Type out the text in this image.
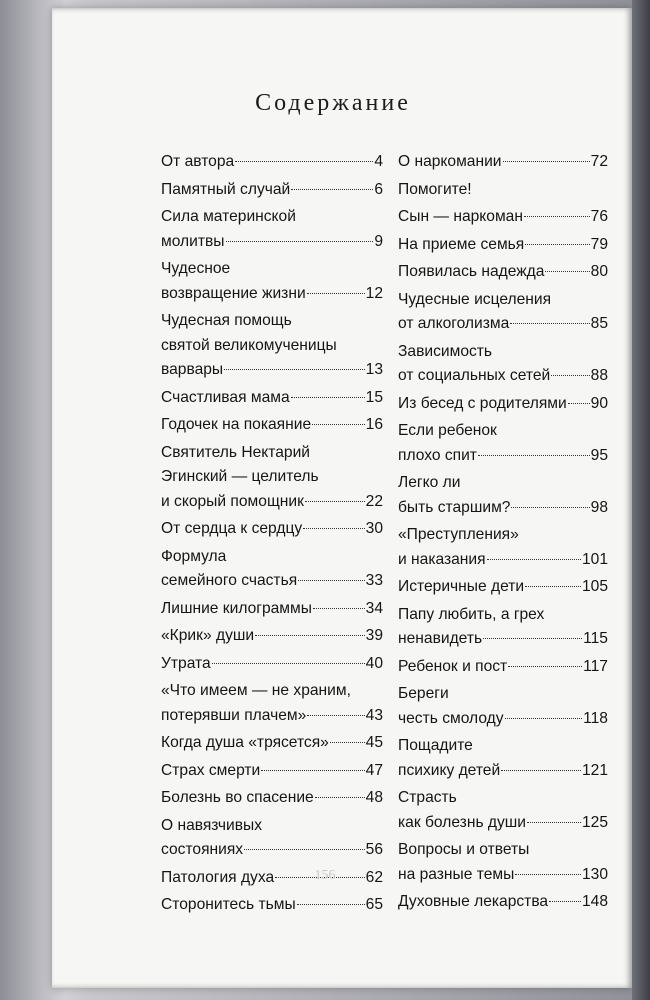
Содержание
От автора	4
Памятный случай	6
Сила материнской
молитвы	9
Чудесное
возвращение жизни	12
Чудесная помощь
святой великомученицы
варвары	13
Счастливая мама	15
Годочек на покаяние	16
Святитель Нектарий
Эгинский — целитель
и скорый помощник	22
От сердца к сердцу	30
Формула
семейного счастья	33
Лишние килограммы	34
«Крик» души	39
Утрата	40
«Что имеем — не храним,
потерявши плачем»	43
Когда душа «трясется» 45
Страх смерти	47
Болезнь во спасение	48
О навязчивых
состояниях	56
Патология духа	62
Сторонитесь тьмы	65
О наркомании	72
Помогите!
Сын — наркоман	76
На приеме семья	79
Появилась надежда	80
Чудесные исцеления
от алкоголизма	85
Зависимость
от социальных сетей	88
Из бесед с родителями 90
Если ребенок
плохо спит	95
Легко ли
быть старшим?	98
«Преступления»
и наказания	101
Истеричные дети	105
Папу любить, а грех
ненавидеть	115
Ребенок и пост	117
Береги
честь смолоду	118
Пощадите
психику детей	121
Страсть
как болезнь души	125
Вопросы и ответы
на разные темы	130
Духовные лекарства 148
156
